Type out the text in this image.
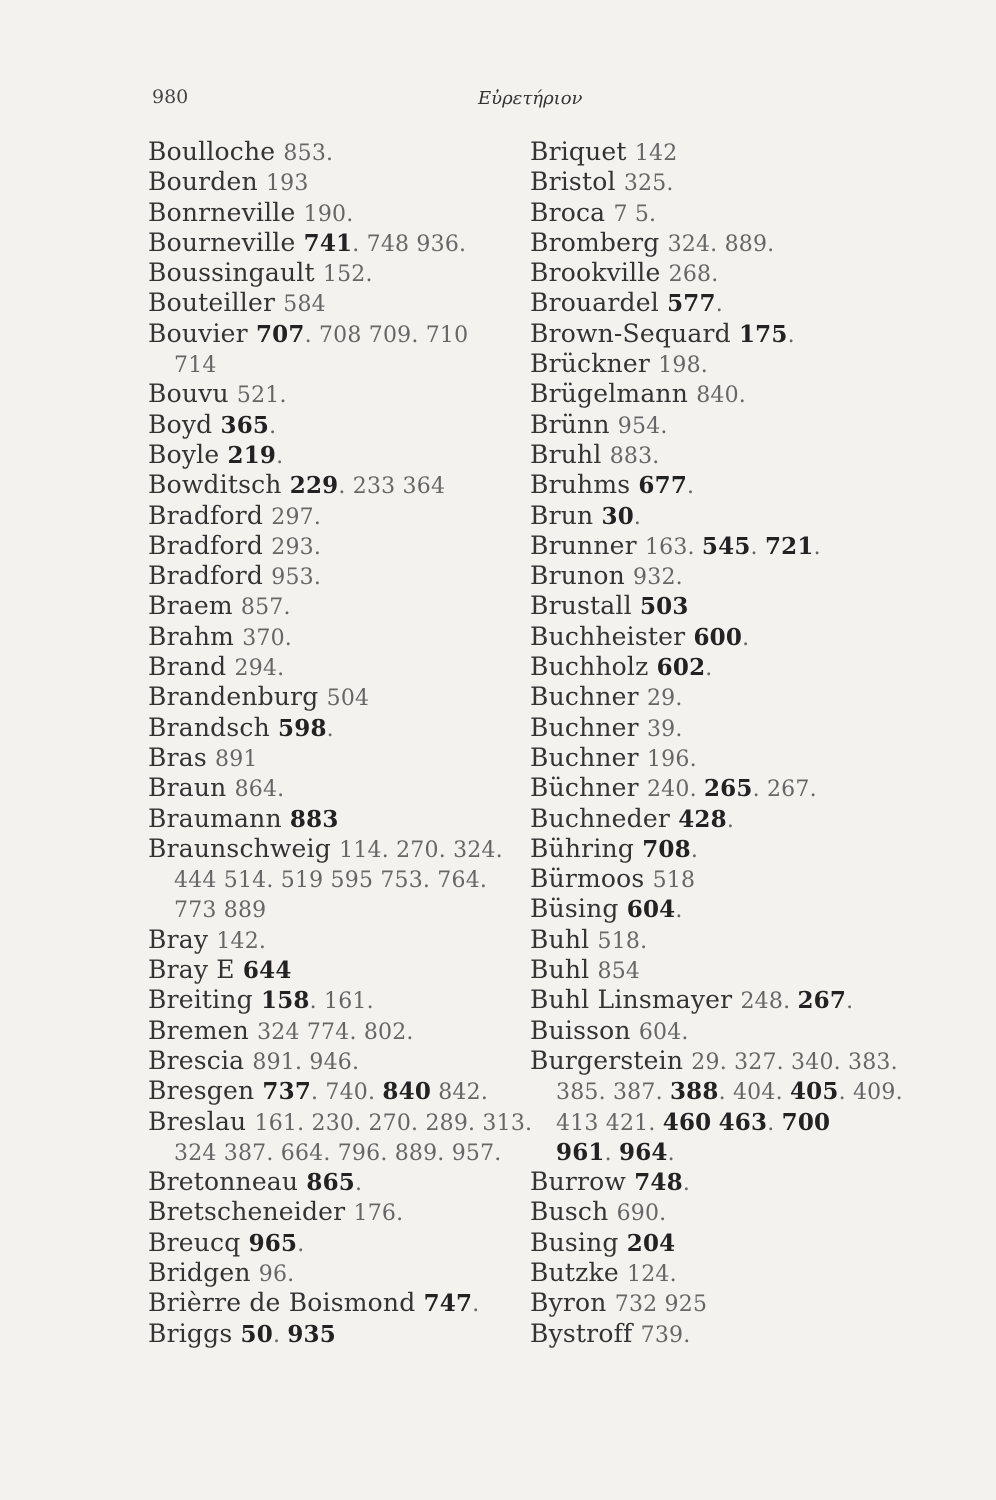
980	Εὐρετήριον
Boulloche 853.
Bourden 193
Bonrneville 190.
Bourneville 741. 748 936.
Boussingault 152.
Bouteiller 584
Bouvier 707. 708 709. 710
714
Bouvu 521.
Boyd 365.
Boyle 219.
Bowditsch 229. 233 364
Bradford 297.
Bradford 293.
Bradford 953.
Braem 857.
Brahm 370.
Brand 294.
Brandenburg 504
Brandsch 598.
Bras 891
Braun 864.
Braumann 883
Braunschweig 114. 270. 324.
444 514. 519 595 753. 764.
773 889
Bray 142.
Bray E 644
Breiting 158. 161.
Bremen 324 774. 802.
Brescia 891. 946.
Bresgen 737. 740. 840 842.
Breslau 161. 230. 270. 289. 313.
324 387. 664. 796. 889. 957.
Bretonneau 865.
Bretscheneider 176.
Breucq 965.
Bridgen 96.
Brièrre de Boismond 747.
Briggs 50. 935
Briquet 142
Bristol 325.
Broca 7 5.
Bromberg 324. 889.
Brookville 268.
Brouardel 577.
Brown-Sequard 175.
Brückner 198.
Brügelmann 840.
Brünn 954.
Bruhl 883.
Bruhms 677.
Brun 30.
Brunner 163. 545. 721.
Brunon 932.
Brustall 503
Buchheister 600.
Buchholz 602.
Buchner 29.
Buchner 39.
Buchner 196.
Büchner 240. 265. 267.
Buchneder 428.
Bühring 708.
Bürmoos 518
Büsing 604.
Buhl 518.
Buhl 854
Buhl Linsmayer 248. 267.
Buisson 604.
Burgerstein 29. 327. 340. 383.
385. 387. 388. 404. 405. 409.
413 421. 460 463. 700
961. 964.
Burrow 748.
Busch 690.
Busing 204
Butzke 124.
Byron 732 925
Bystroff 739.
